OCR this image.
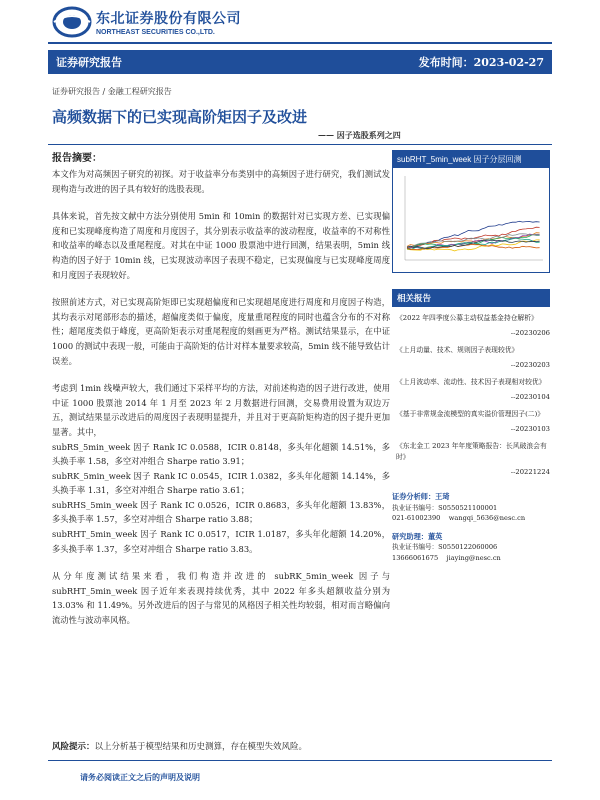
东北证券股份有限公司
NORTHEAST SECURITIES CO.,LTD.
证券研究报告	发布时间：2023-02-27
证券研究报告 / 金融工程研究报告
高频数据下的已实现高阶矩因子及改进
—— 因子选股系列之四
报告摘要：

本文作为对高频因子研究的初探。对于收益率分布类别中的高频因子进行研究，我们测试发现构造与改进的因子具有较好的选股表现。

具体来说，首先按文献中方法分别使用 5min 和 10min 的数据针对已实现方差、已实现偏度和已实现峰度构造了周度和月度因子，其分别表示收益率的波动程度，收益率的不对称性和收益率的峰态以及重尾程度。对其在中证 1000 股票池中进行回测，结果表明，5min 线构造的因子好于 10min 线，已实现波动率因子表现不稳定，已实现偏度与已实现峰度周度和月度因子表现较好。

按照前述方式，对已实现高阶矩即已实现超偏度和已实现超尾度进行周度和月度因子构造，其均表示对尾部形态的描述，超偏度类似于偏度，度量重尾程度的同时也蕴含分布的不对称性；超尾度类似于峰度，更高阶矩表示对重尾程度的刻画更为严格。测试结果显示，在中证 1000 的测试中表现一般，可能由于高阶矩的估计对样本量要求较高，5min 线不能导致估计误差。

考虑到 1min 线噪声较大，我们通过下采样平均的方法，对前述构造的因子进行改进，使用中证 1000 股票池 2014 年 1 月至 2023 年 2 月数据进行回测，交易费用设置为双边万五，测试结果显示改进后的周度因子表现明显提升，并且对于更高阶矩构造的因子提升更加显著。其中，

subRS_5min_week 因子 Rank IC 0.0588，ICIR 0.8148，多头年化超额 14.51%，多头换手率 1.58，多空对冲组合 Sharpe ratio 3.91；

subRK_5min_week 因子 Rank IC 0.0545，ICIR 1.0382，多头年化超额 14.14%，多头换手率 1.31，多空对冲组合 Sharpe ratio 3.61；

subRHS_5min_week 因子 Rank IC 0.0526，ICIR 0.8683，多头年化超额 13.83%，多头换手率 1.57，多空对冲组合 Sharpe ratio 3.88；

subRHT_5min_week 因子 Rank IC 0.0517，ICIR 1.0187，多头年化超额 14.20%，多头换手率 1.37，多空对冲组合 Sharpe ratio 3.83。

从分年度测试结果来看，我们构造并改进的 subRK_5min_week 因子与 subRHT_5min_week 因子近年来表现持续优秀，其中 2022 年多头超额收益分别为 13.03% 和 11.49%。另外改进后的因子与常见的风格因子相关性均较弱，相对而言略偏向流动性与波动率风格。

subRHT_5min_week 因子分层回测
相关报告
《2022 年四季度公募主动权益基金持仓解析》
--20230206
《上月动量、技术、规则因子表现较优》
--20230203
《上月波动率、流动性、技术因子表现相对较优》
--20230104
《基于非常规金流模型的真实溢价管理因子(二)》
--20230103
《东北金工 2023 年年度策略报告：长风破浪会有时》
--20221224
证券分析师：王琦
执业证书编号：S0550521100001
021-61002390 wangqi_5636@nesc.cn
研究助理：董英
执业证书编号：S0550122060006
13666061675 jiaying@nesc.cn
风险提示：以上分析基于模型结果和历史测算，存在模型失效风险。
请务必阅读正文之后的声明及说明
